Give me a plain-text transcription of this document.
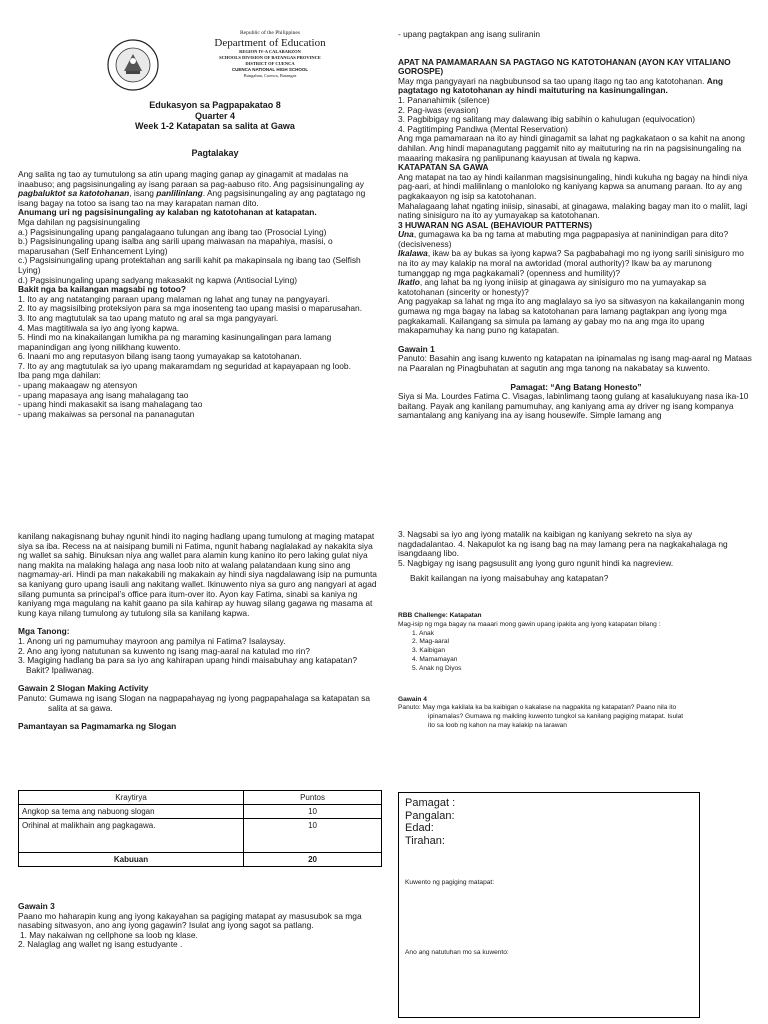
Republic of the Philippines
Department of Education
REGION IV-A CALABARZON
SCHOOLS DIVISION OF BATANGAS PROVINCE
DISTRICT OF CUENCA
CUENCA NATIONAL HIGH SCHOOL
Bungahan, Cuenca, Batangas
Edukasyon sa Pagpapakatao 8
Quarter 4
Week 1-2 Katapatan sa salita at Gawa
Pagtalakay

Ang salita ng tao ay tumutulong sa atin upang maging ganap ay ginagamit at madalas na inaabuso; ang pagsisinungaling ay isang paraan sa pag-aabuso rito. Ang pagsisinungaling ay pagbaluktot sa katotohanan, isang panlilinlang. Ang pagsisinungaling ay ang pagtatago ng isang bagay na totoo sa isang tao na may karapatan naman dito.

Anumang uri ng pagsisinungaling ay kalaban ng katotohanan at katapatan.

Mga dahilan ng pagsisinungaling

a.) Pagsisinungaling upang pangalagaano tulungan ang ibang tao (Prosocial Lying)

b.) Pagsisinungaling upang isalba ang sarili upang maiwasan na mapahiya, masisi, o maparusahan (Self Enhancement Lying)

c.) Pagsisinungaling upang protektahan ang sarili kahit pa makapinsala ng ibang tao (Selfish Lying)

d.) Pagsisinungaling upang sadyang makasakit ng kapwa (Antisocial Lying)

Bakit nga ba kailangan magsabi ng totoo?

1. Ito ay ang natatanging paraan upang malaman ng lahat ang tunay na pangyayari.

2. Ito ay magsisilbing proteksiyon para sa mga inosenteng tao upang masisi o maparusahan.

3. Ito ang magtutulak sa tao upang matuto ng aral sa mga pangyayari.

4. Mas magtitiwala sa iyo ang iyong kapwa.

5. Hindi mo na kinakailangan lumikha pa ng maraming kasinungalingan para lamang mapanindigan ang iyong nilikhang kuwento.

6. Inaani mo ang reputasyon bilang isang taong yumayakap sa katotohanan.

7. Ito ay ang magtutulak sa iyo upang makaramdam ng seguridad at kapayapaan ng loob.

Iba pang mga dahilan:

- upang makaagaw ng atensyon

- upang mapasaya ang isang mahalagang tao

- upang hindi makasakit sa isang mahalagang tao

- upang makaiwas sa personal na pananagutan

- upang pagtakpan ang isang suliranin

APAT NA PAMAMARAAN SA PAGTAGO NG KATOTOHANAN (AYON KAY VITALIANO GOROSPE)

May mga pangyayari na nagbubunsod sa tao upang itago ng tao ang katotohanan. Ang pagtatago ng katotohanan ay hindi maituturing na kasinungalingan.

1. Pananahimik (silence)

2. Pag-iwas (evasion)

3. Pagbibigay ng salitang may dalawang ibig sabihin o kahulugan (equivocation)

4. Pagtitimping Pandiwa (Mental Reservation)

Ang mga pamamaraan na ito ay hindi ginagamit sa lahat ng pagkakataon o sa kahit na anong dahilan. Ang hindi mapanagutang paggamit nito ay maituturing na rin na pagsisinungaling na maaaring makasira ng panlipunang kaayusan at tiwala ng kapwa.

KATAPATAN SA GAWA

Ang matapat na tao ay hindi kailanman magsisinungaling, hindi kukuha ng bagay na hindi niya pag-aari, at hindi malilinlang o manloloko ng kaniyang kapwa sa anumang paraan. Ito ay ang pagkakaayon ng isip sa katotohanan.

Mahalagaang lahat ngating iniisip, sinasabi, at ginagawa, malaking bagay man ito o maliit, lagi nating sinisiguro na ito ay yumayakap sa katotohanan.

3 HUWARAN NG ASAL (BEHAVIOUR PATTERNS)

Una, gumagawa ka ba ng tama at mabuting mga pagpapasiya at naninindigan para dito? (decisiveness)

Ikalawa, ikaw ba ay bukas sa iyong kapwa? Sa pagbabahagi mo ng iyong sarili sinisiguro mo na ito ay may kalakip na moral na awtoridad (moral authority)? Ikaw ba ay marunong tumanggap ng mga pagkakamali? (openness and humility)?

Ikatlo, ang lahat ba ng iyong iniisip at ginagawa ay sinisiguro mo na yumayakap sa katotohanan (sincerity or honesty)?

Ang pagyakap sa lahat ng mga ito ang maglalayo sa iyo sa sitwasyon na kakailanganin mong gumawa ng mga bagay na labag sa katotohanan para lamang pagtakpan ang iyong mga pagkakamali. Kailangang sa simula pa lamang ay gabay mo na ang mga ito upang makapamuhay ka nang puno ng katapatan.

Gawain 1

Panuto: Basahin ang isang kuwento ng katapatan na ipinamalas ng isang mag-aaral ng Mataas na Paaralan ng Pinagbuhatan at sagutin ang mga tanong na nakabatay sa kuwento.

Pamagat: “Ang Batang Honesto”

Siya si Ma. Lourdes Fatima C. Visagas, labinlimang taong gulang at kasalukuyang nasa ika-10 baitang. Payak ang kanilang pamumuhay, ang kaniyang ama ay driver ng isang kompanya samantalang ang kaniyang ina ay isang housewife. Simple lamang ang

kanilang nakagisnang buhay ngunit hindi ito naging hadlang upang tumulong at maging matapat siya sa iba. Recess na at naisipang bumili ni Fatima, ngunit habang naglalakad ay nakakita siya ng wallet sa sahig. Binuksan niya ang wallet para alamin kung kanino ito pero laking gulat niya nang makita na malaking halaga ang nasa loob nito at walang palatandaan kung sino ang nagmamay-ari. Hindi pa man nakakabili ng makakain ay hindi siya nagdalawang isip na pumunta sa kaniyang guro upang isauli ang nakitang wallet. Ikinuwento niya sa guro ang nangyari at agad silang pumunta sa principal’s office para itum-over ito. Ayon kay Fatima, sinabi sa kaniya ng kaniyang mga magulang na kahit gaano pa sila kahirap ay huwag silang gagawa ng masama at kung kaya nilang tumulong ay tutulong sila sa kanilang kapwa.

Mga Tanong:

1. Anong uri ng pamumuhay mayroon ang pamilya ni Fatima? Isalaysay.

2. Ano ang iyong natutunan sa kuwento ng isang mag-aaral na katulad mo rin?

3. Magiging hadlang ba para sa iyo ang kahirapan upang hindi maisabuhay ang katapatan?

Bakit? Ipaliwanag.

Gawain 2 Slogan Making Activity

Panuto: Gumawa ng isang Slogan na nagpapahayag ng iyong pagpapahalaga sa katapatan sa

salita at sa gawa.

Pamantayan sa Pagmamarka ng Slogan

Kraytirya	Puntos
Angkop sa tema ang nabuong slogan	10
Orihinal at malikhain ang pagkagawa.	10
Kabuuan	20

Gawain 3

Paano mo haharapin kung ang iyong kakayahan sa pagiging matapat ay masusubok sa mga nasabing sitwasyon, ano ang iyong gagawin? Isulat ang iyong sagot sa patlang.

1. May nakaiwan ng cellphone sa loob ng klase.

2. Nalaglag ang wallet ng isang estudyante .

3. Nagsabi sa iyo ang iyong matalik na kaibigan ng kaniyang sekreto na siya ay nagdadalantao. 4. Nakapulot ka ng isang bag na may lamang pera na nagkakahalaga ng isangdaang libo.

5. Nagbigay ng isang pagsusulit ang iyong guro ngunit hindi ka nagreview.

Bakit kailangan na iyong maisabuhay ang katapatan?

RBB Challenge: Katapatan

Mag-isip ng mga bagay na maaari mong gawin upang ipakita ang iyong katapatan bilang :

1. Anak

2. Mag-aaral

3. Kaibigan

4. Mamamayan

5. Anak ng Diyos

Gawain 4

Panuto: May mga kakilala ka ba kaibigan o kakalase na nagpakita ng katapatan? Paano nila ito

ipinamalas? Gumawa ng maikling kuwento tungkol sa kanilang pagiging matapat. Isulat

ito sa loob ng kahon na may kalakip na larawan

Pamagat :
Pangalan:
Edad:
Tirahan:
Kuwento ng pagiging matapat:
Ano ang natutuhan mo sa kuwento:
